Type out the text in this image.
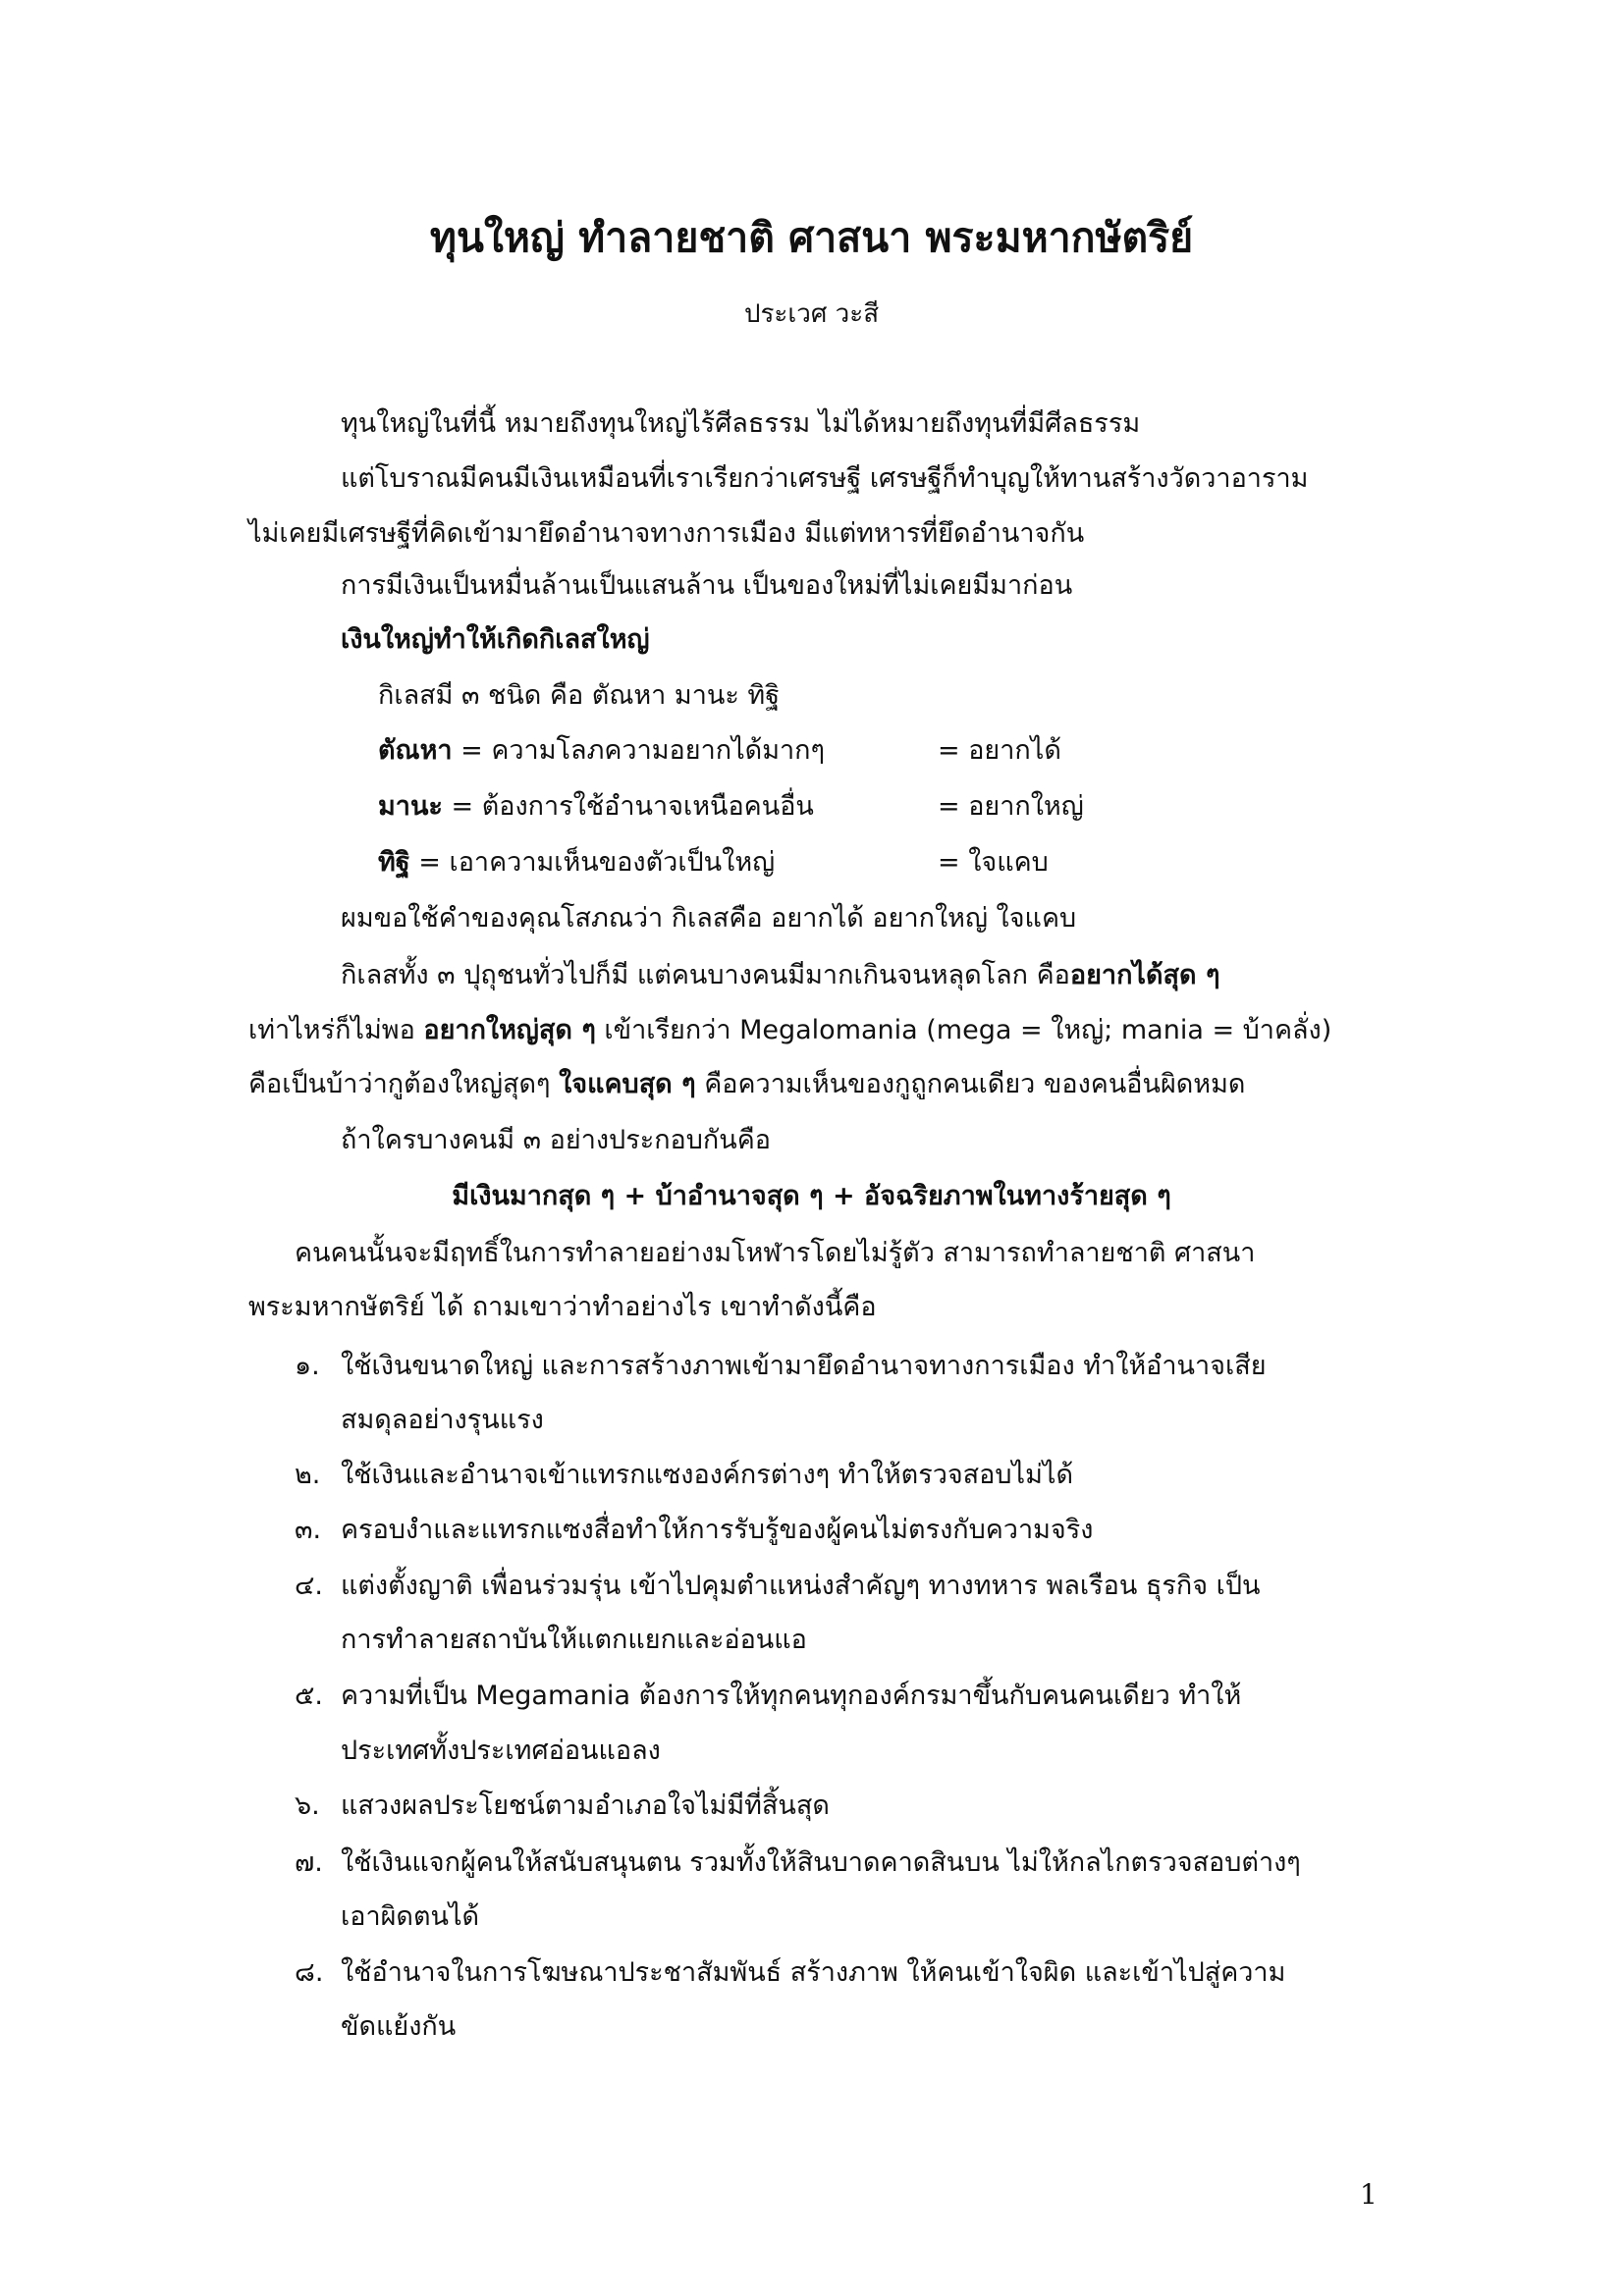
ทุนใหญ่ ทำลายชาติ ศาสนา พระมหากษัตริย์
ประเวศ วะสี
ทุนใหญ่ในที่นี้ หมายถึงทุนใหญ่ไร้ศีลธรรม ไม่ได้หมายถึงทุนที่มีศีลธรรม
แต่โบราณมีคนมีเงินเหมือนที่เราเรียกว่าเศรษฐี เศรษฐีก็ทำบุญให้ทานสร้างวัดวาอาราม
ไม่เคยมีเศรษฐีที่คิดเข้ามายึดอำนาจทางการเมือง มีแต่ทหารที่ยึดอำนาจกัน
การมีเงินเป็นหมื่นล้านเป็นแสนล้าน เป็นของใหม่ที่ไม่เคยมีมาก่อน
เงินใหญ่ทำให้เกิดกิเลสใหญ่
กิเลสมี ๓ ชนิด คือ ตัณหา มานะ ทิฐิ
ตัณหา = ความโลภความอยากได้มากๆ	= อยากได้
มานะ = ต้องการใช้อำนาจเหนือคนอื่น	= อยากใหญ่
ทิฐิ = เอาความเห็นของตัวเป็นใหญ่	= ใจแคบ
ผมขอใช้คำของคุณโสภณว่า กิเลสคือ อยากได้ อยากใหญ่ ใจแคบ
กิเลสทั้ง ๓ ปุถุชนทั่วไปก็มี แต่คนบางคนมีมากเกินจนหลุดโลก คืออยากได้สุด ๆ
เท่าไหร่ก็ไม่พอ อยากใหญ่สุด ๆ เข้าเรียกว่า Megalomania (mega = ใหญ่; mania = บ้าคลั่ง)
คือเป็นบ้าว่ากูต้องใหญ่สุดๆ ใจแคบสุด ๆ คือความเห็นของกูถูกคนเดียว ของคนอื่นผิดหมด
ถ้าใครบางคนมี ๓ อย่างประกอบกันคือ
มีเงินมากสุด ๆ + บ้าอำนาจสุด ๆ + อัจฉริยภาพในทางร้ายสุด ๆ
คนคนนั้นจะมีฤทธิ์ในการทำลายอย่างมโหฬารโดยไม่รู้ตัว สามารถทำลายชาติ ศาสนา
พระมหากษัตริย์ ได้ ถามเขาว่าทำอย่างไร เขาทำดังนี้คือ
๑. ใช้เงินขนาดใหญ่ และการสร้างภาพเข้ามายึดอำนาจทางการเมือง ทำให้อำนาจเสีย
สมดุลอย่างรุนแรง
๒. ใช้เงินและอำนาจเข้าแทรกแซงองค์กรต่างๆ ทำให้ตรวจสอบไม่ได้
๓. ครอบงำและแทรกแซงสื่อทำให้การรับรู้ของผู้คนไม่ตรงกับความจริง
๔. แต่งตั้งญาติ เพื่อนร่วมรุ่น เข้าไปคุมตำแหน่งสำคัญๆ ทางทหาร พลเรือน ธุรกิจ เป็น
การทำลายสถาบันให้แตกแยกและอ่อนแอ
๕. ความที่เป็น Megamania ต้องการให้ทุกคนทุกองค์กรมาขึ้นกับคนคนเดียว ทำให้
ประเทศทั้งประเทศอ่อนแอลง
๖. แสวงผลประโยชน์ตามอำเภอใจไม่มีที่สิ้นสุด
๗. ใช้เงินแจกผู้คนให้สนับสนุนตน รวมทั้งให้สินบาดคาดสินบน ไม่ให้กลไกตรวจสอบต่างๆ
เอาผิดตนได้
๘. ใช้อำนาจในการโฆษณาประชาสัมพันธ์ สร้างภาพ ให้คนเข้าใจผิด และเข้าไปสู่ความ
ขัดแย้งกัน
1
